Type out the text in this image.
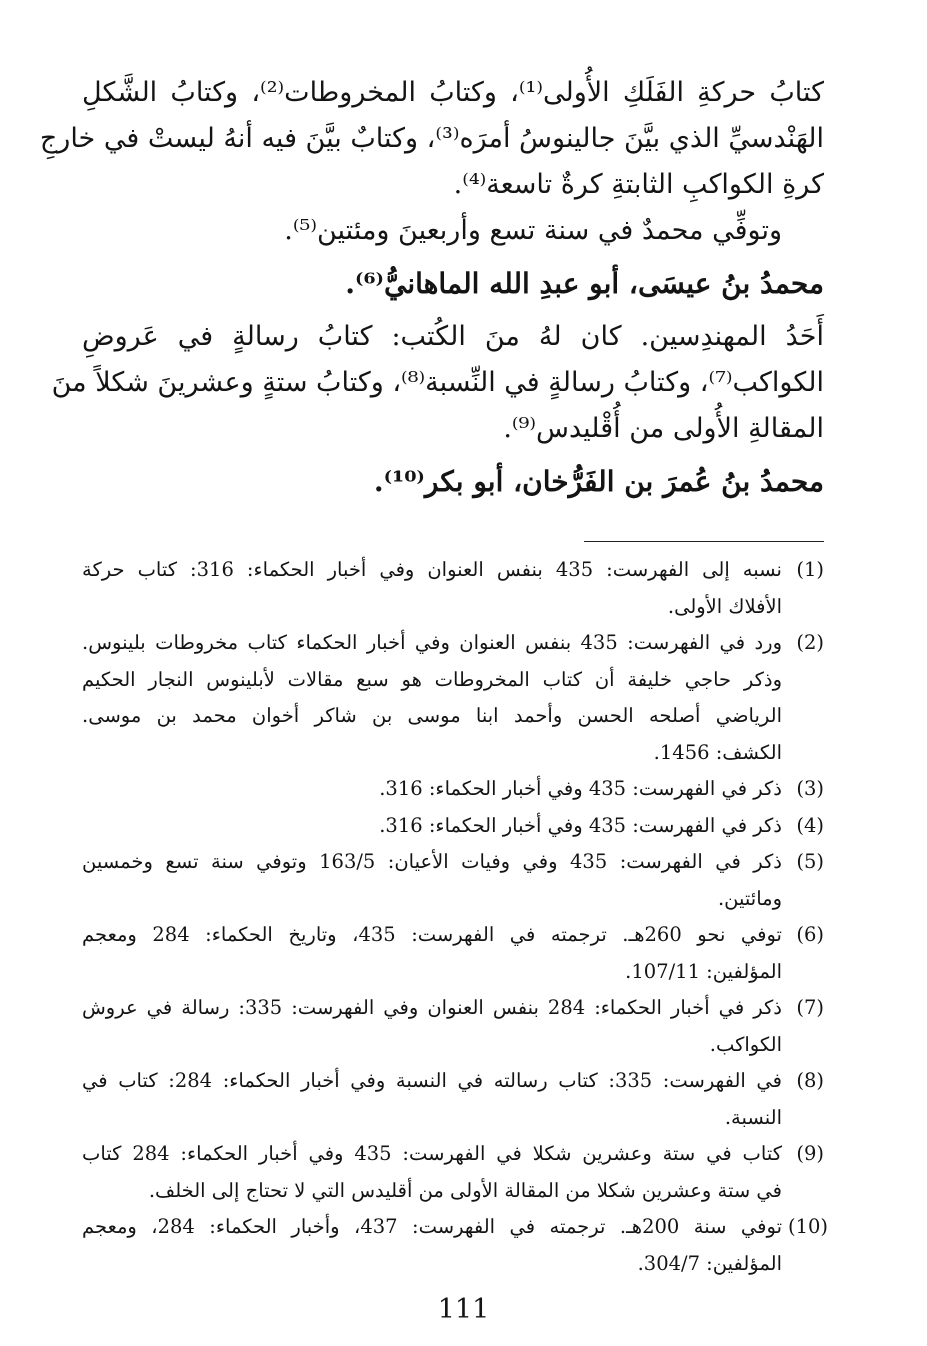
كتابُ حركةِ الفَلَكِ الأُولى⁽¹⁾، وكتابُ المخروطات⁽²⁾، وكتابُ الشَّكلِ
الهَنْدسيِّ الذي بيَّنَ جالينوسُ أمرَه⁽³⁾، وكتابٌ بيَّنَ فيه أنهُ ليستْ في خارجِ
كرةِ الكواكبِ الثابتةِ كرةٌ تاسعة⁽⁴⁾.
وتوفِّي محمدٌ في سنة تسع وأربعينَ ومئتين⁽⁵⁾.
محمدُ بنُ عيسَى، أبو عبدِ الله الماهانيُّ⁽⁶⁾.
أَحَدُ المهندِسين. كان لهُ منَ الكُتب: كتابُ رسالةٍ في عَروضِ
الكواكب⁽⁷⁾، وكتابُ رسالةٍ في النِّسبة⁽⁸⁾، وكتابُ ستةٍ وعشرينَ شكلاً منَ
المقالةِ الأُولى من أُقْليدس⁽⁹⁾.
محمدُ بنُ عُمرَ بن الفَرُّخان، أبو بكر⁽¹⁰⁾.
(1)
نسبه إلى الفهرست: 435 بنفس العنوان وفي أخبار الحكماء: 316: كتاب حركة
الأفلاك الأولى.
(2)
ورد في الفهرست: 435 بنفس العنوان وفي أخبار الحكماء كتاب مخروطات بلينوس.
وذكر حاجي خليفة أن كتاب المخروطات هو سبع مقالات لأبلينوس النجار الحكيم
الرياضي أصلحه الحسن وأحمد ابنا موسى بن شاكر أخوان محمد بن موسى.
الكشف: 1456.
(3)
ذكر في الفهرست: 435 وفي أخبار الحكماء: 316.
(4)
ذكر في الفهرست: 435 وفي أخبار الحكماء: 316.
(5)
ذكر في الفهرست: 435 وفي وفيات الأعيان: 163/5 وتوفي سنة تسع وخمسين
ومائتين.
(6)
توفي نحو 260هـ. ترجمته في الفهرست: 435، وتاريخ الحكماء: 284 ومعجم
المؤلفين: 107/11.
(7)
ذكر في أخبار الحكماء: 284 بنفس العنوان وفي الفهرست: 335: رسالة في عروش
الكواكب.
(8)
في الفهرست: 335: كتاب رسالته في النسبة وفي أخبار الحكماء: 284: كتاب في
النسبة.
(9)
كتاب في ستة وعشرين شكلا في الفهرست: 435 وفي أخبار الحكماء: 284 كتاب
في ستة وعشرين شكلا من المقالة الأولى من أقليدس التي لا تحتاج إلى الخلف.
(10)
توفي سنة 200هـ. ترجمته في الفهرست: 437، وأخبار الحكماء: 284، ومعجم
المؤلفين: 304/7.
111
